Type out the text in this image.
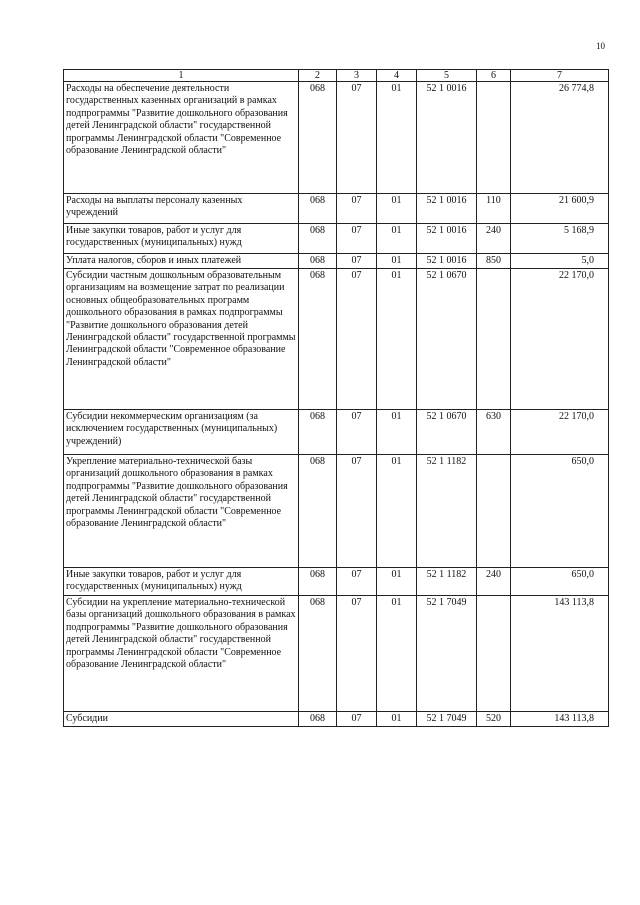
10
1	2	3	4	5	6	7
Расходы на обеспечение деятельности государственных казенных организаций в рамках подпрограммы "Развитие дошкольного образования детей Ленинградской области" государственной программы Ленинградской области "Современное образование Ленинградской области"	068	07	01	52 1 0016		26 774,8
Расходы на выплаты персоналу казенных учреждений	068	07	01	52 1 0016	110	21 600,9
Иные закупки товаров, работ и услуг для государственных (муниципальных) нужд	068	07	01	52 1 0016	240	5 168,9
Уплата налогов, сборов и иных платежей	068	07	01	52 1 0016	850	5,0
Субсидии частным дошкольным образовательным организациям на возмещение затрат по реализации основных общеобразовательных программ дошкольного образования в рамках подпрограммы "Развитие дошкольного образования детей Ленинградской области" государственной программы Ленинградской области "Современное образование Ленинградской области"	068	07	01	52 1 0670		22 170,0
Субсидии некоммерческим организациям (за исключением государственных (муниципальных) учреждений)	068	07	01	52 1 0670	630	22 170,0
Укрепление материально-технической базы организаций дошкольного образования в рамках подпрограммы "Развитие дошкольного образования детей Ленинградской области" государственной программы Ленинградской области "Современное образование Ленинградской области"	068	07	01	52 1 1182		650,0
Иные закупки товаров, работ и услуг для государственных (муниципальных) нужд	068	07	01	52 1 1182	240	650,0
Субсидии на укрепление материально-технической базы организаций дошкольного образования в рамках подпрограммы "Развитие дошкольного образования детей Ленинградской области" государственной программы Ленинградской области "Современное образование Ленинградской области"	068	07	01	52 1 7049		143 113,8
Субсидии	068	07	01	52 1 7049	520	143 113,8
